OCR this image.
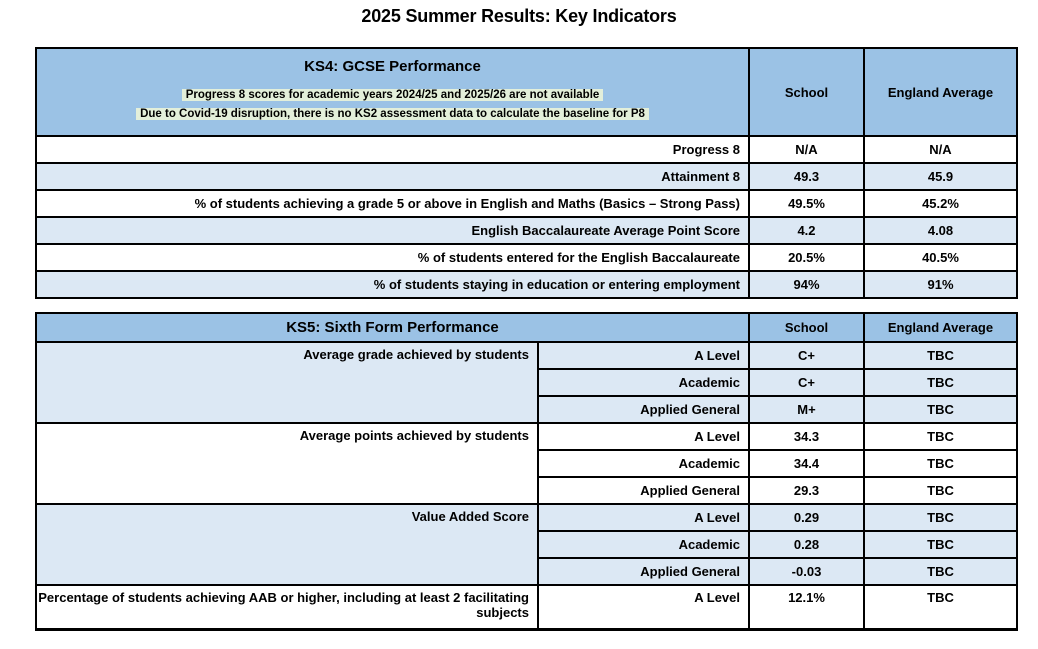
2025 Summer Results: Key Indicators
KS4: GCSE Performance
Progress 8 scores for academic years 2024/25 and 2025/26 are not available
Due to Covid-19 disruption, there is no KS2 assessment data to calculate the baseline for P8	School	England Average
Progress 8	N/A	N/A
Attainment 8	49.3	45.9
% of students achieving a grade 5 or above in English and Maths (Basics – Strong Pass)	49.5%	45.2%
English Baccalaureate Average Point Score	4.2	4.08
% of students entered for the English Baccalaureate	20.5%	40.5%
% of students staying in education or entering employment	94%	91%
KS5: Sixth Form Performance		School	England Average
Average grade achieved by students	A Level	C+	TBC
	Academic	C+	TBC
	Applied General	M+	TBC
Average points achieved by students	A Level	34.3	TBC
	Academic	34.4	TBC
	Applied General	29.3	TBC
Value Added Score	A Level	0.29	TBC
	Academic	0.28	TBC
	Applied General	-0.03	TBC
Percentage of students achieving AAB or higher, including at least 2 facilitating subjects	A Level	12.1%	TBC
